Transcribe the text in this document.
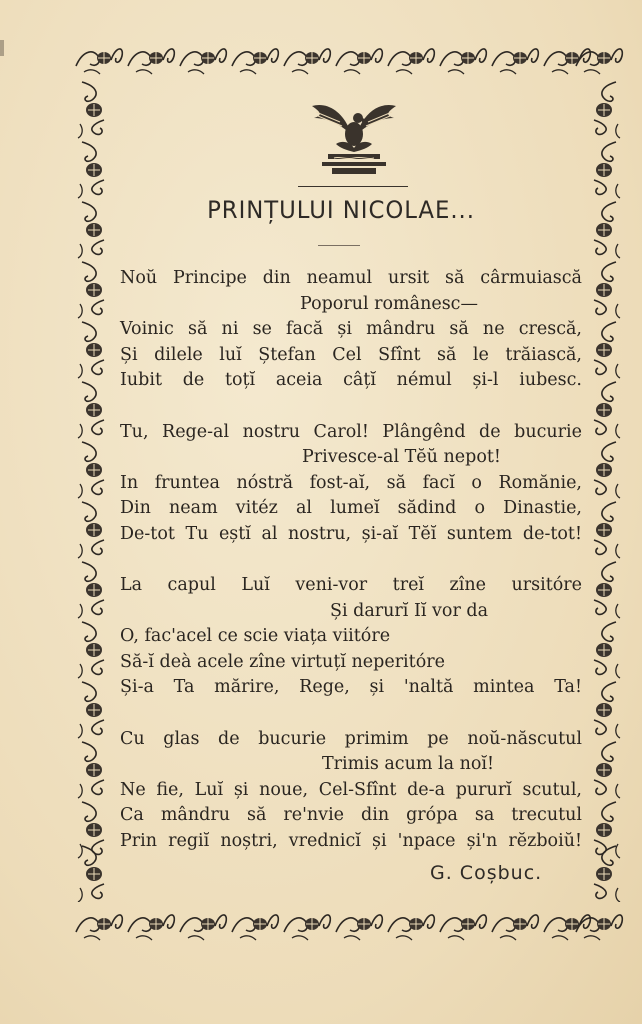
PRINȚULUI NICOLAE...
Noŭ Principe din neamul ursit să cârmuiască
Poporul românesc—
Voinic să ni se facă și mândru să ne crescă,
Și dilele luĭ Ștefan Cel Sfînt să le trăiască,
Iubit de toțĭ aceia câțĭ némul și-l iubesc.
Tu, Rege-al nostru Carol! Plângênd de bucurie
Privesce-al Tĕŭ nepot!
In fruntea nóstră fost-aĭ, să facĭ o Romănie,
Din neam vitéz al lumeĭ sădind o Dinastie,
De-tot Tu eștĭ al nostru, și-aĭ Tĕĭ suntem de-tot!
La capul Luĭ veni-vor treĭ zîne ursitóre
Și darurĭ Iĭ vor da
O, fac'acel ce scie viața viitóre
Să-ĭ deà acele zîne virtuțĭ neperitóre
Și-a Ta mărire, Rege, și 'naltă mintea Ta!
Cu glas de bucurie primim pe noŭ-născutul
Trimis acum la noĭ!
Ne fie, Luĭ și noue, Cel-Sfînt de-a pururĭ scutul,
Ca mândru să re'nvie din grópa sa trecutul
Prin regiĭ noștri, vrednicĭ și 'npace și'n rĕzboiŭ!
G. Coșbuc.
